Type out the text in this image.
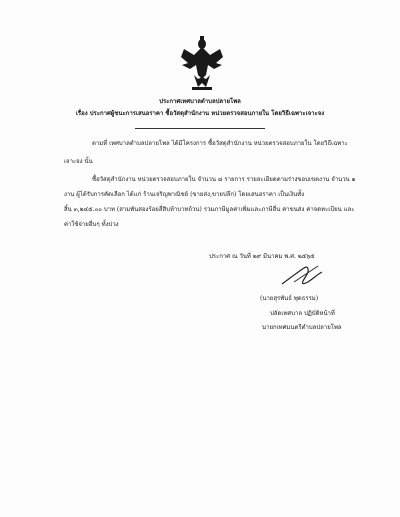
ประกาศเทศบาลตำบลปลายโพล
เรื่อง ประกาศผู้ชนะการเสนอราคา ซื้อวัสดุสำนักงาน หน่วยตรวจสอบภายใน โดยวิธีเฉพาะเจาะจง
ตามที่ เทศบาลตำบลปลายโพล ได้มีโครงการ ซื้อวัสดุสำนักงาน หน่วยตรวจสอบภายใน โดยวิธีเฉพาะ
เจาะจง นั้น
ซื้อวัสดุสำนักงาน หน่วยตรวจสอบภายใน จำนวน ๘ รายการ รายละเอียดตามร่างขอบเขตงาน จำนวน ๑
งาน ผู้ได้รับการคัดเลือก ได้แก่ ร้านเจริญพาณิชย์ (ขายส่ง,ขายปลีก) โดยเสนอราคา เป็นเงินทั้ง
สิ้น ๓,๒๔๕.๐๐ บาท (สามพันสองร้อยสี่สิบห้าบาทถ้วน) รวมภาษีมูลค่าเพิ่มและภาษีอื่น ค่าขนส่ง ค่าจดทะเบียน และ
ค่าใช้จ่ายอื่นๆ ทั้งปวง
ประกาศ ณ วันที่ ๒๙ มีนาคม พ.ศ. ๒๕๖๕
(นายสุรพันธ์ พุดธรรม)
ปลัดเทศบาล ปฏิบัติหน้าที่
นายกเทศมนตรีตำบลปลายโพล
